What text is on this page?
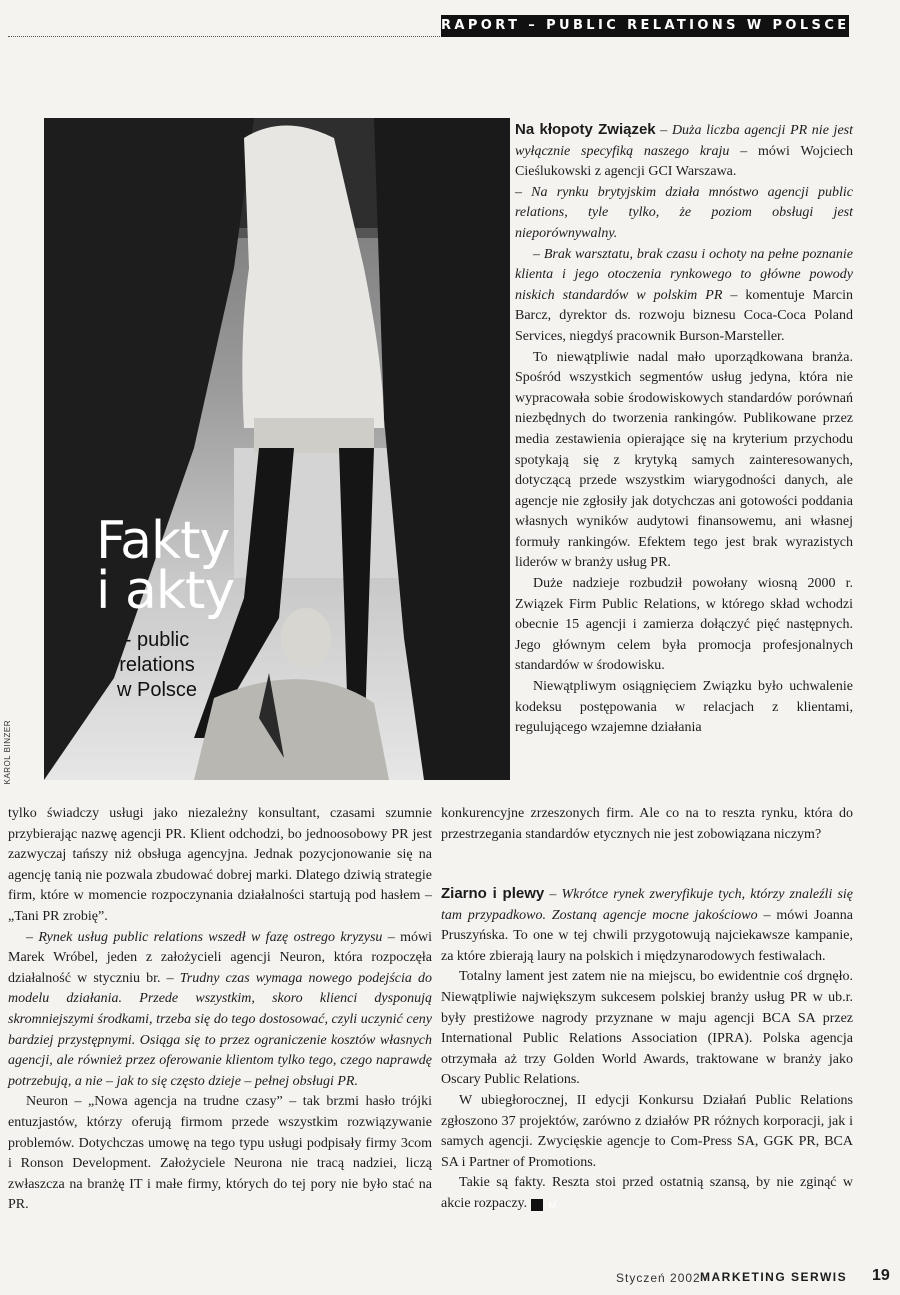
RAPORT – PUBLIC RELATIONS W POLSCE
Fakty
i akty
- public
relations
w Polsce
KAROL BINZER

Na kłopoty Związek – Duża liczba agencji PR nie jest wyłącznie specyfiką naszego kraju – mówi Wojciech Cieślukowski z agencji GCI Warszawa.

– Na rynku brytyjskim działa mnóstwo agencji public relations, tyle tylko, że poziom obsługi jest nieporównywalny.

– Brak warsztatu, brak czasu i ochoty na pełne poznanie klienta i jego otoczenia rynkowego to główne powody niskich standardów w polskim PR – komentuje Marcin Barcz, dyrektor ds. rozwoju biznesu Coca-Coca Poland Services, niegdyś pracownik Burson-Marsteller.

To niewątpliwie nadal mało uporządkowana branża. Spośród wszystkich segmentów usług jedyna, która nie wypracowała sobie środowiskowych standardów porównań niezbędnych do tworzenia rankingów. Publikowane przez media zestawienia opierające się na kryterium przychodu spotykają się z krytyką samych zainteresowanych, dotyczącą przede wszystkim wiarygodności danych, ale agencje nie zgłosiły jak dotychczas ani gotowości poddania własnych wyników audytowi finansowemu, ani własnej formuły rankingów. Efektem tego jest brak wyrazistych liderów w branży usług PR.

Duże nadzieje rozbudził powołany wiosną 2000 r. Związek Firm Public Relations, w którego skład wchodzi obecnie 15 agencji i zamierza dołączyć pięć następnych. Jego głównym celem była promocja profesjonalnych standardów w środowisku.

Niewątpliwym osiągnięciem Związku było uchwalenie kodeksu postępowania w relacjach z klientami, regulującego wzajemne działania

konkurencyjne zrzeszonych firm. Ale co na to reszta rynku, która do przestrzegania standardów etycznych nie jest zobowiązana niczym?

tylko świadczy usługi jako niezależny konsultant, czasami szumnie przybierając nazwę agencji PR. Klient odchodzi, bo jednoosobowy PR jest zazwyczaj tańszy niż obsługa agencyjna. Jednak pozycjonowanie się na agencję tanią nie pozwala zbudować dobrej marki. Dlatego dziwią strategie firm, które w momencie rozpoczynania działalności startują pod hasłem – „Tani PR zrobię”.

– Rynek usług public relations wszedł w fazę ostrego kryzysu – mówi Marek Wróbel, jeden z założycieli agencji Neuron, która rozpoczęła działalność w styczniu br. – Trudny czas wymaga nowego podejścia do modelu działania. Przede wszystkim, skoro klienci dysponują skromniejszymi środkami, trzeba się do tego dostosować, czyli uczynić ceny bardziej przystępnymi. Osiąga się to przez ograniczenie kosztów własnych agencji, ale również przez oferowanie klientom tylko tego, czego naprawdę potrzebują, a nie – jak to się często dzieje – pełnej obsługi PR.

Neuron – „Nowa agencja na trudne czasy” – tak brzmi hasło trójki entuzjastów, którzy oferują firmom przede wszystkim rozwiązywanie problemów. Dotychczas umowę na tego typu usługi podpisały firmy 3com i Ronson Development. Założyciele Neurona nie tracą nadziei, liczą zwłaszcza na branżę IT i małe firmy, których do tej pory nie było stać na PR.

Ziarno i plewy – Wkrótce rynek zweryfikuje tych, którzy znaleźli się tam przypadkowo. Zostaną agencje mocne jakościowo – mówi Joanna Pruszyńska. To one w tej chwili przygotowują najciekawsze kampanie, za które zbierają laury na polskich i międzynarodowych festiwalach.

Totalny lament jest zatem nie na miejscu, bo ewidentnie coś drgnęło. Niewątpliwie największym sukcesem polskiej branży usług PR w ub.r. były prestiżowe nagrody przyznane w maju agencji BCA SA przez International Public Relations Association (IPRA). Polska agencja otrzymała aż trzy Golden World Awards, traktowane w branży jako Oscary Public Relations.

W ubiegłorocznej, II edycji Konkursu Działań Public Relations zgłoszono 37 projektów, zarówno z działów PR różnych korporacji, jak i samych agencji. Zwycięskie agencje to Com-Press SA, GGK PR, BCA SA i Partner of Promotions.

Takie są fakty. Reszta stoi przed ostatnią szansą, by nie zginąć w akcie rozpaczy. M

Styczeń 2002 MARKETING SERWIS 19
